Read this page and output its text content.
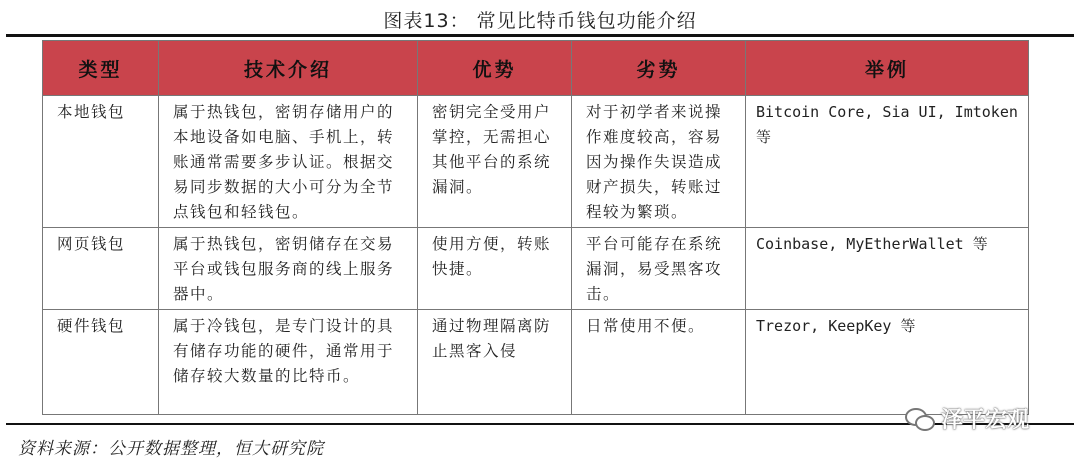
图表13： 常见比特币钱包功能介绍
类型	技术介绍	优势	劣势	举例
本地钱包	属于热钱包，密钥存储用户的本地设备如电脑、手机上，转账通常需要多步认证。根据交易同步数据的大小可分为全节点钱包和轻钱包。	密钥完全受用户掌控，无需担心其他平台的系统漏洞。	对于初学者来说操作难度较高，容易因为操作失误造成财产损失，转账过程较为繁琐。	Bitcoin Core, Sia UI, Imtoken 等
网页钱包	属于热钱包，密钥储存在交易平台或钱包服务商的线上服务器中。	使用方便，转账快捷。	平台可能存在系统漏洞，易受黑客攻击。	Coinbase, MyEtherWallet 等
硬件钱包	属于冷钱包，是专门设计的具有储存功能的硬件，通常用于储存较大数量的比特币。	通过物理隔离防止黑客入侵	日常使用不便。	Trezor, KeepKey 等
泽平宏观
资料来源：公开数据整理，恒大研究院
